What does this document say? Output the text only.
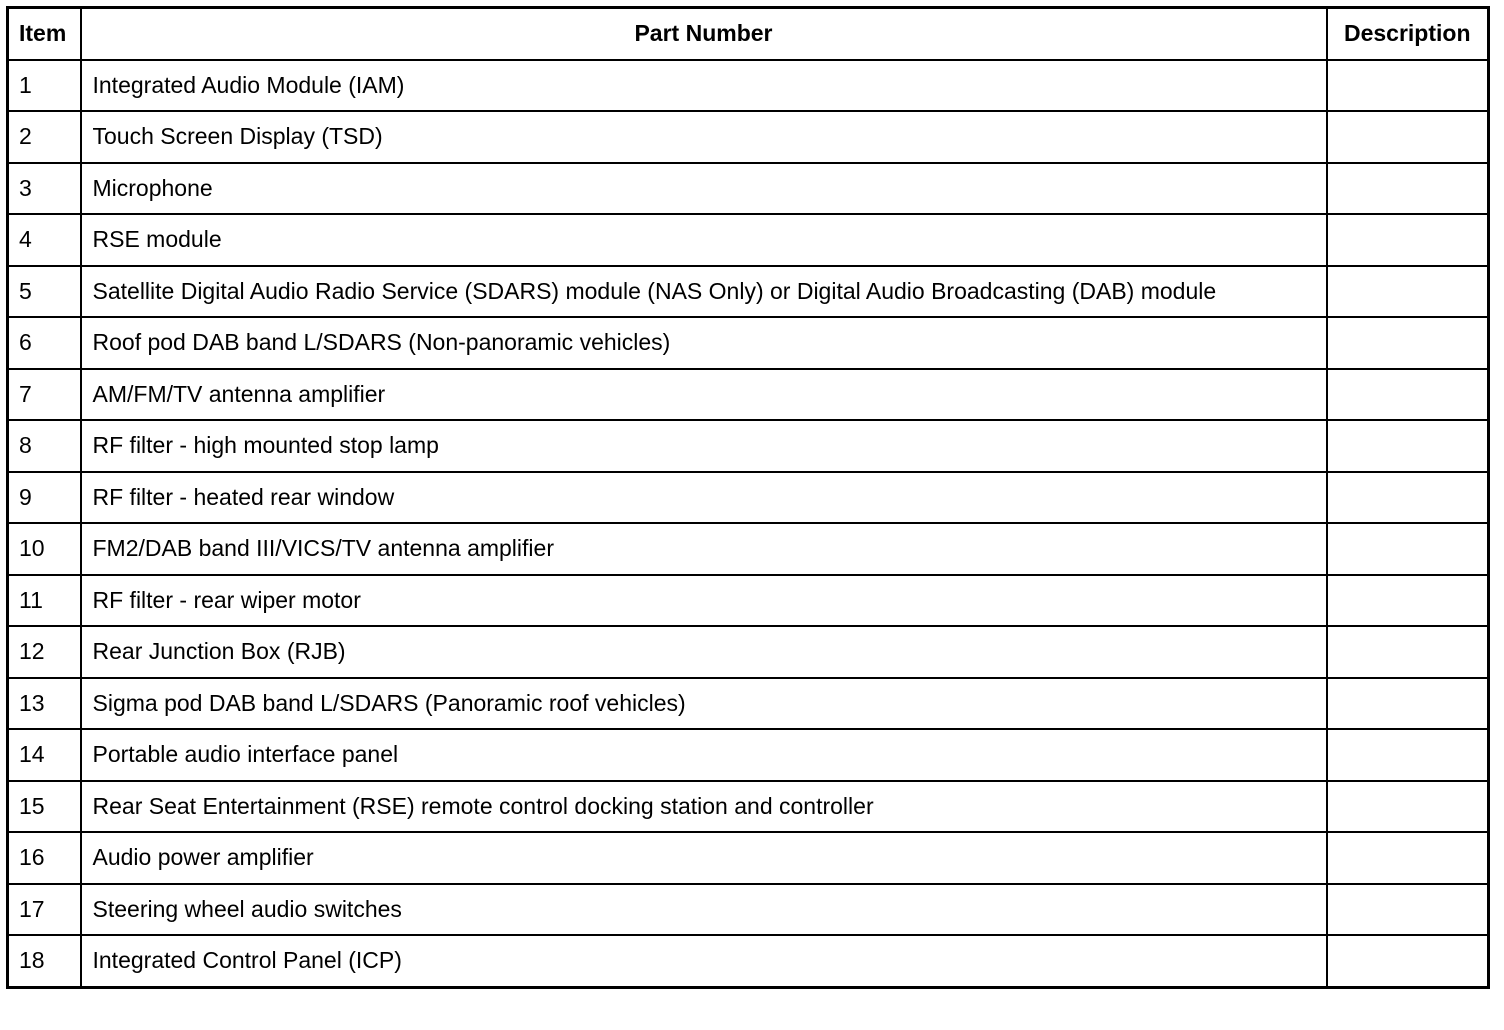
Item	Part Number	Description
1	Integrated Audio Module (IAM)	
2	Touch Screen Display (TSD)	
3	Microphone	
4	RSE module	
5	Satellite Digital Audio Radio Service (SDARS) module (NAS Only) or Digital Audio Broadcasting (DAB) module	
6	Roof pod DAB band L/SDARS (Non-panoramic vehicles)	
7	AM/FM/TV antenna amplifier	
8	RF filter - high mounted stop lamp	
9	RF filter - heated rear window	
10	FM2/DAB band III/VICS/TV antenna amplifier	
11	RF filter - rear wiper motor	
12	Rear Junction Box (RJB)	
13	Sigma pod DAB band L/SDARS (Panoramic roof vehicles)	
14	Portable audio interface panel	
15	Rear Seat Entertainment (RSE) remote control docking station and controller	
16	Audio power amplifier	
17	Steering wheel audio switches	
18	Integrated Control Panel (ICP)	
